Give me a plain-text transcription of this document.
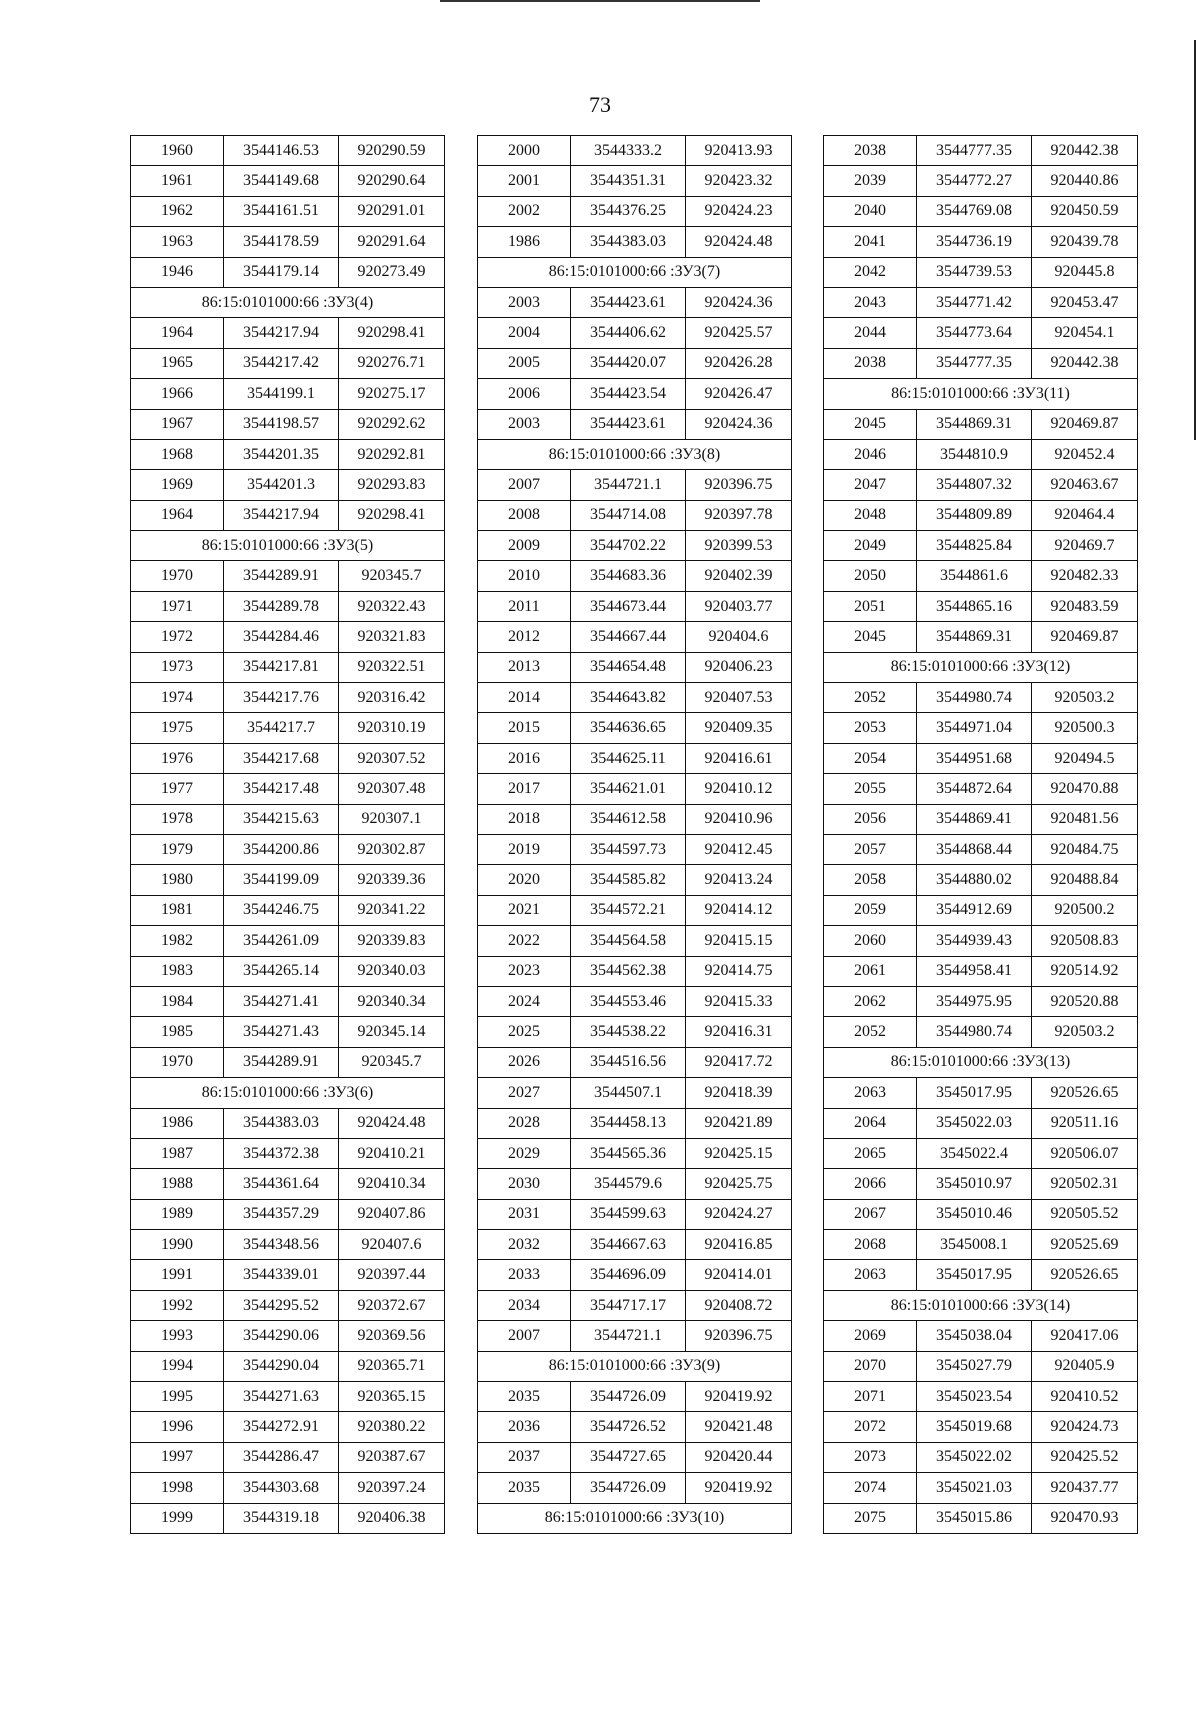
73
1960	3544146.53	920290.59
1961	3544149.68	920290.64
1962	3544161.51	920291.01
1963	3544178.59	920291.64
1946	3544179.14	920273.49
86:15:0101000:66 :ЗУ3(4)		
1964	3544217.94	920298.41
1965	3544217.42	920276.71
1966	3544199.1	920275.17
1967	3544198.57	920292.62
1968	3544201.35	920292.81
1969	3544201.3	920293.83
1964	3544217.94	920298.41
86:15:0101000:66 :ЗУ3(5)		
1970	3544289.91	920345.7
1971	3544289.78	920322.43
1972	3544284.46	920321.83
1973	3544217.81	920322.51
1974	3544217.76	920316.42
1975	3544217.7	920310.19
1976	3544217.68	920307.52
1977	3544217.48	920307.48
1978	3544215.63	920307.1
1979	3544200.86	920302.87
1980	3544199.09	920339.36
1981	3544246.75	920341.22
1982	3544261.09	920339.83
1983	3544265.14	920340.03
1984	3544271.41	920340.34
1985	3544271.43	920345.14
1970	3544289.91	920345.7
86:15:0101000:66 :ЗУ3(6)		
1986	3544383.03	920424.48
1987	3544372.38	920410.21
1988	3544361.64	920410.34
1989	3544357.29	920407.86
1990	3544348.56	920407.6
1991	3544339.01	920397.44
1992	3544295.52	920372.67
1993	3544290.06	920369.56
1994	3544290.04	920365.71
1995	3544271.63	920365.15
1996	3544272.91	920380.22
1997	3544286.47	920387.67
1998	3544303.68	920397.24
1999	3544319.18	920406.38
2000	3544333.2	920413.93
2001	3544351.31	920423.32
2002	3544376.25	920424.23
1986	3544383.03	920424.48
86:15:0101000:66 :ЗУ3(7)		
2003	3544423.61	920424.36
2004	3544406.62	920425.57
2005	3544420.07	920426.28
2006	3544423.54	920426.47
2003	3544423.61	920424.36
86:15:0101000:66 :ЗУ3(8)		
2007	3544721.1	920396.75
2008	3544714.08	920397.78
2009	3544702.22	920399.53
2010	3544683.36	920402.39
2011	3544673.44	920403.77
2012	3544667.44	920404.6
2013	3544654.48	920406.23
2014	3544643.82	920407.53
2015	3544636.65	920409.35
2016	3544625.11	920416.61
2017	3544621.01	920410.12
2018	3544612.58	920410.96
2019	3544597.73	920412.45
2020	3544585.82	920413.24
2021	3544572.21	920414.12
2022	3544564.58	920415.15
2023	3544562.38	920414.75
2024	3544553.46	920415.33
2025	3544538.22	920416.31
2026	3544516.56	920417.72
2027	3544507.1	920418.39
2028	3544458.13	920421.89
2029	3544565.36	920425.15
2030	3544579.6	920425.75
2031	3544599.63	920424.27
2032	3544667.63	920416.85
2033	3544696.09	920414.01
2034	3544717.17	920408.72
2007	3544721.1	920396.75
86:15:0101000:66 :ЗУ3(9)		
2035	3544726.09	920419.92
2036	3544726.52	920421.48
2037	3544727.65	920420.44
2035	3544726.09	920419.92
86:15:0101000:66 :ЗУ3(10)		
2038	3544777.35	920442.38
2039	3544772.27	920440.86
2040	3544769.08	920450.59
2041	3544736.19	920439.78
2042	3544739.53	920445.8
2043	3544771.42	920453.47
2044	3544773.64	920454.1
2038	3544777.35	920442.38
86:15:0101000:66 :ЗУ3(11)		
2045	3544869.31	920469.87
2046	3544810.9	920452.4
2047	3544807.32	920463.67
2048	3544809.89	920464.4
2049	3544825.84	920469.7
2050	3544861.6	920482.33
2051	3544865.16	920483.59
2045	3544869.31	920469.87
86:15:0101000:66 :ЗУ3(12)		
2052	3544980.74	920503.2
2053	3544971.04	920500.3
2054	3544951.68	920494.5
2055	3544872.64	920470.88
2056	3544869.41	920481.56
2057	3544868.44	920484.75
2058	3544880.02	920488.84
2059	3544912.69	920500.2
2060	3544939.43	920508.83
2061	3544958.41	920514.92
2062	3544975.95	920520.88
2052	3544980.74	920503.2
86:15:0101000:66 :ЗУ3(13)		
2063	3545017.95	920526.65
2064	3545022.03	920511.16
2065	3545022.4	920506.07
2066	3545010.97	920502.31
2067	3545010.46	920505.52
2068	3545008.1	920525.69
2063	3545017.95	920526.65
86:15:0101000:66 :ЗУ3(14)		
2069	3545038.04	920417.06
2070	3545027.79	920405.9
2071	3545023.54	920410.52
2072	3545019.68	920424.73
2073	3545022.02	920425.52
2074	3545021.03	920437.77
2075	3545015.86	920470.93
